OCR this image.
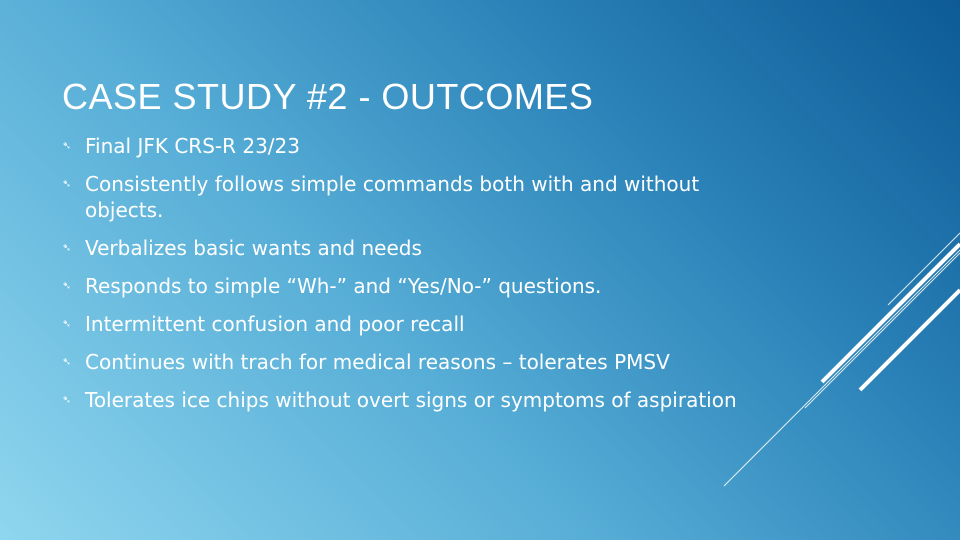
CASE STUDY #2 - OUTCOMES
➴ Final JFK CRS-R 23/23
➴ Consistently follows simple commands both with and without objects.
➴ Verbalizes basic wants and needs
➴ Responds to simple “Wh-” and “Yes/No-” questions.
➴ Intermittent confusion and poor recall
➴ Continues with trach for medical reasons – tolerates PMSV
➴ Tolerates ice chips without overt signs or symptoms of aspiration
